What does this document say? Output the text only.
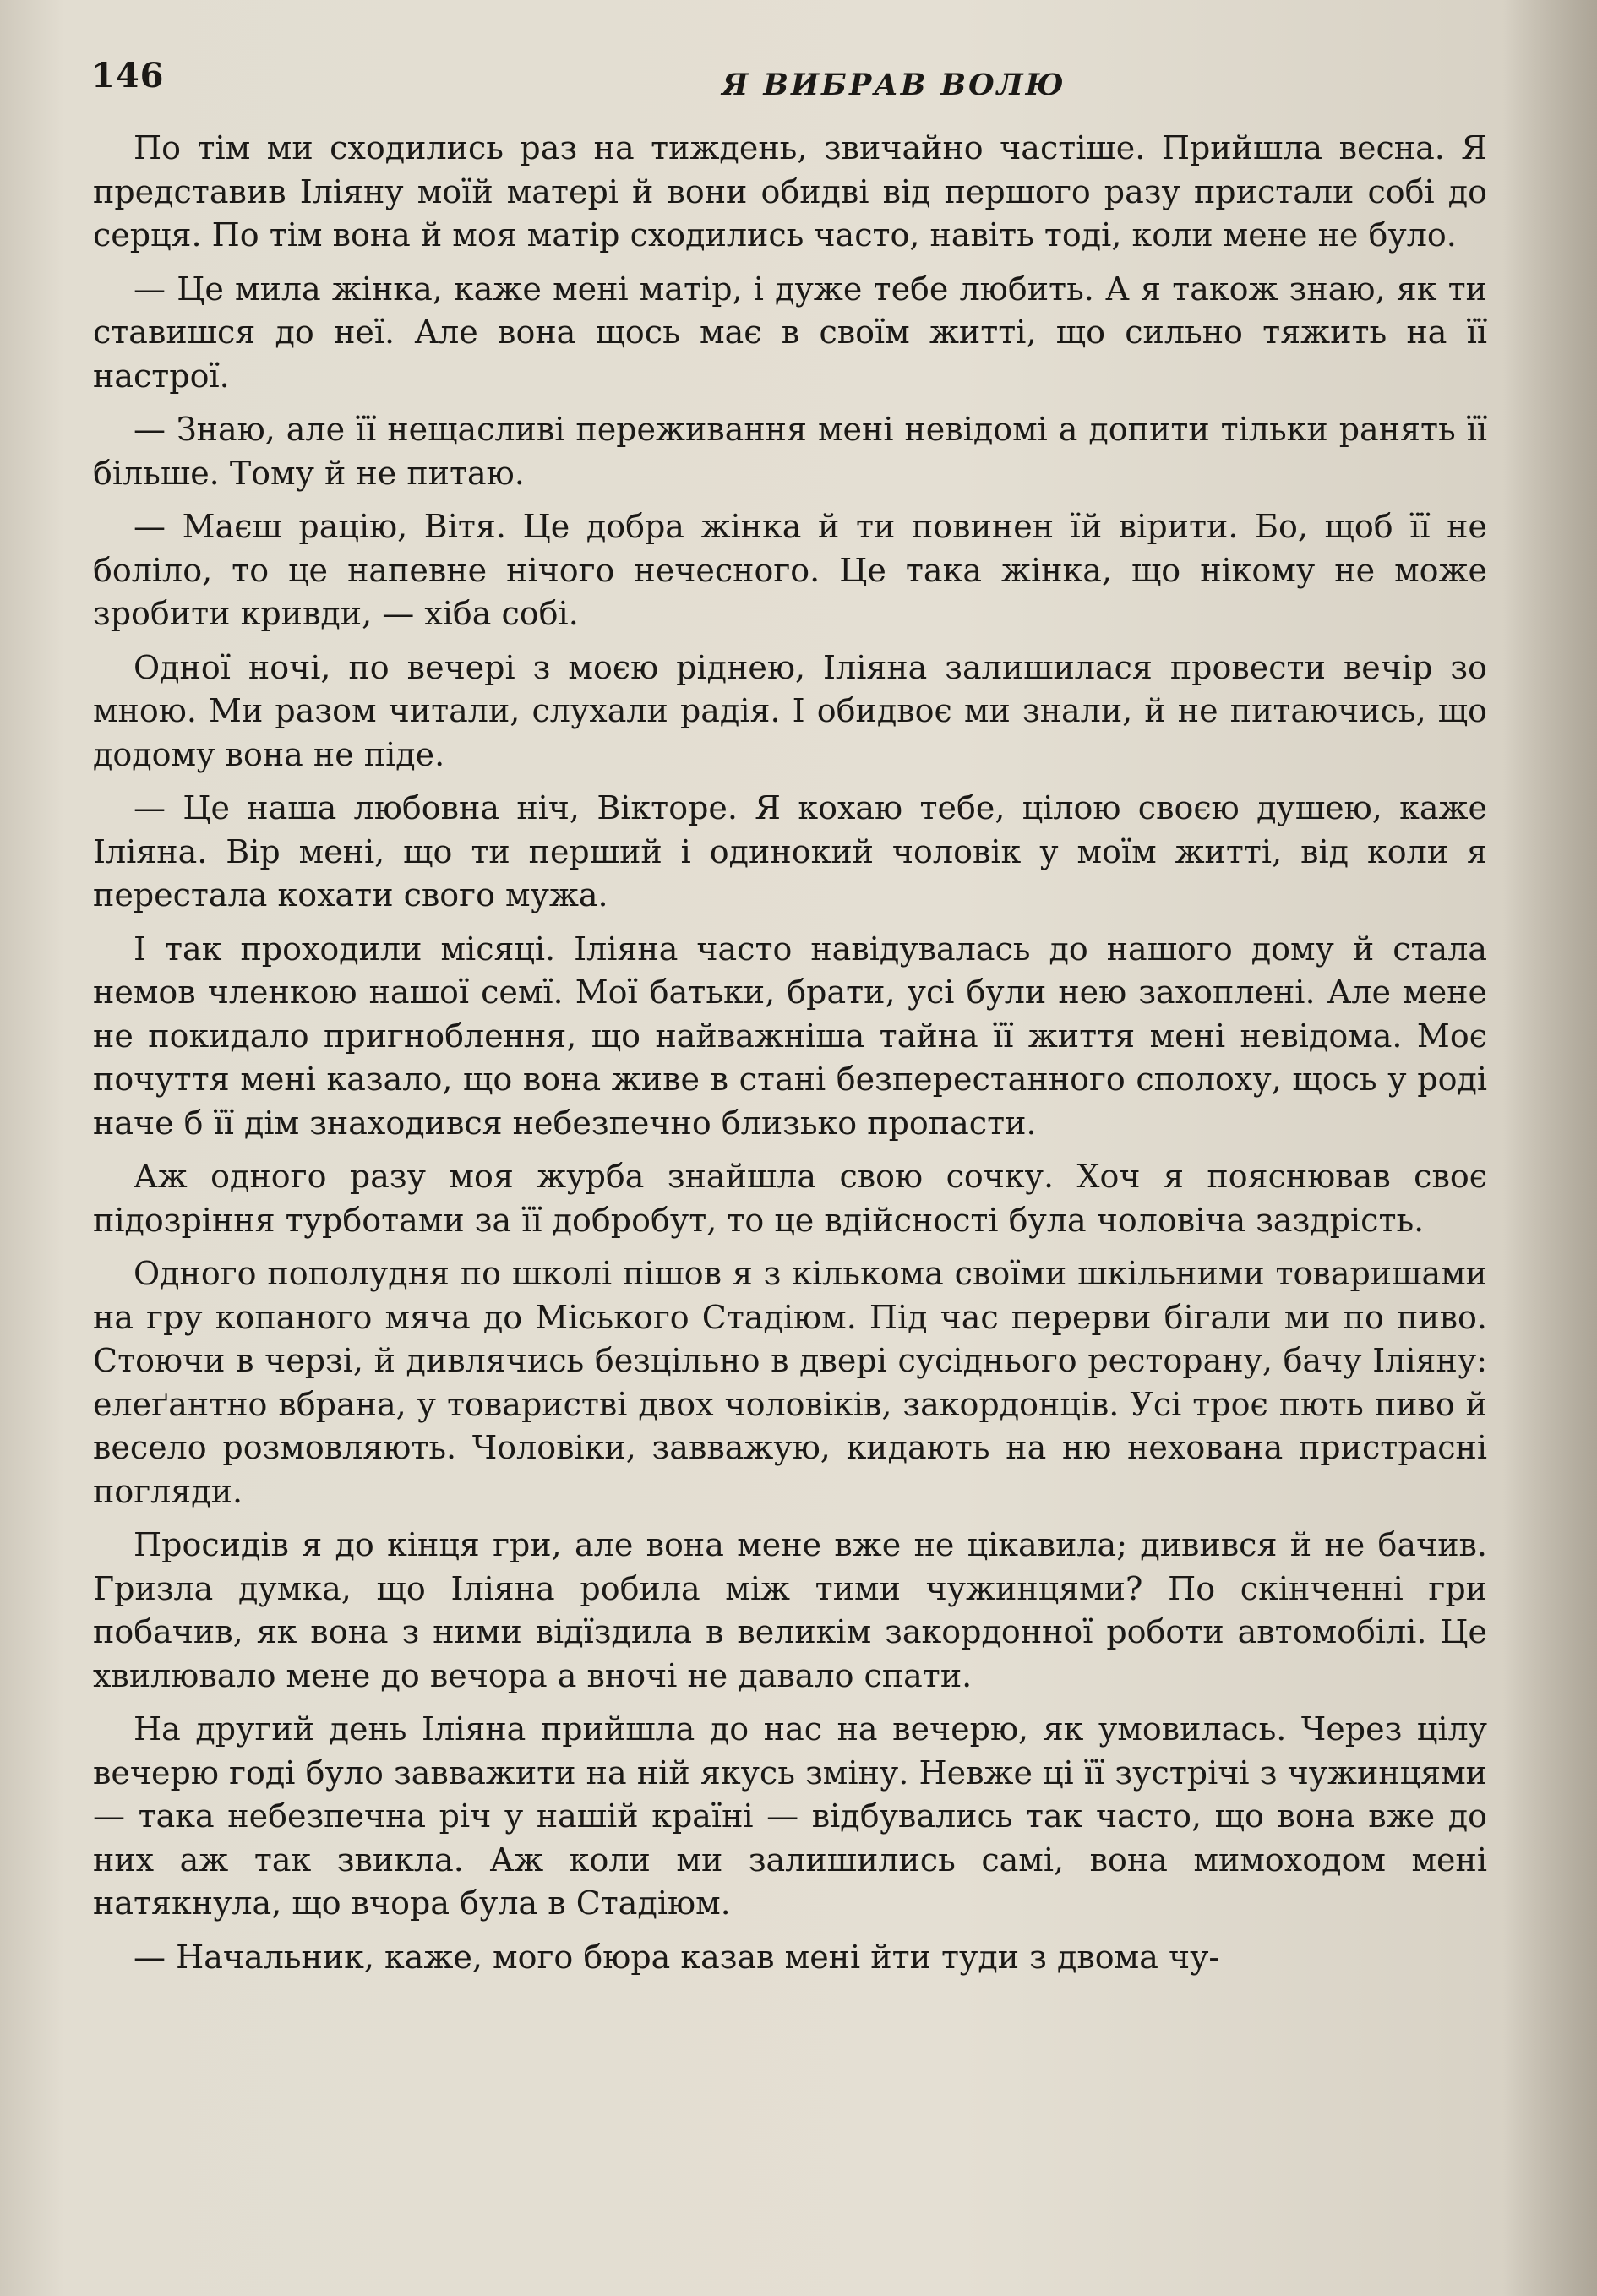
146	Я ВИБРАВ ВОЛЮ

По тім ми сходились раз на тиждень, звичайно частіше. Прийшла весна. Я представив Іліяну моїй матері й вони обидві від першого разу пристали собі до серця. По тім вона й моя матір сходились часто, навіть тоді, коли мене не було.

— Це мила жінка, каже мені матір, і дуже тебе любить. А я також знаю, як ти ставишся до неї. Але вона щось має в своїм житті, що сильно тяжить на її настрої.

— Знаю, але її нещасливі переживання мені невідомі а допити тільки ранять її більше. Тому й не питаю.

— Маєш рацію, Вітя. Це добра жінка й ти повинен їй вірити. Бо, щоб її не боліло, то це напевне нічого нечесного. Це така жінка, що нікому не може зробити кривди, — хіба собі.

Одної ночі, по вечері з моєю ріднею, Іліяна залишилася провести вечір зо мною. Ми разом читали, слухали радія. І обидвоє ми знали, й не питаючись, що додому вона не піде.

— Це наша любовна ніч, Вікторе. Я кохаю тебе, цілою своєю душею, каже Іліяна. Вір мені, що ти перший і одинокий чоловік у моїм житті, від коли я перестала кохати свого мужа.

І так проходили місяці. Іліяна часто навідувалась до нашого дому й стала немов членкою нашої семї. Мої батьки, брати, усі були нею захоплені. Але мене не покидало пригноблення, що найважніша тайна її життя мені невідома. Моє почуття мені казало, що вона живе в стані безперестанного сполоху, щось у роді наче б її дім знаходився небезпечно близько пропасти.

Аж одного разу моя журба знайшла свою сочку. Хоч я пояснював своє підозріння турботами за її добробут, то це вдійсності була чоловіча заздрість.

Одного пополудня по школі пішов я з кількома своїми шкільними товаришами на гру копаного мяча до Міського Стадіюм. Під час перерви бігали ми по пиво. Стоючи в черзі, й дивлячись безцільно в двері сусіднього ресторану, бачу Іліяну: елеґантно вбрана, у товаристві двох чоловіків, закордонців. Усі троє пють пиво й весело розмовляють. Чоловіки, завважую, кидають на ню нехована пристрасні погляди.

Просидів я до кінця гри, але вона мене вже не цікавила; дивився й не бачив. Гризла думка, що Іліяна робила між тими чужинцями? По скінченні гри побачив, як вона з ними відїздила в великім закордонної роботи автомобілі. Це хвилювало мене до вечора а вночі не давало спати.

На другий день Іліяна прийшла до нас на вечерю, як умовилась. Через цілу вечерю годі було завважити на ній якусь зміну. Невже ці її зустрічі з чужинцями — така небезпечна річ у нашій країні — відбувались так часто, що вона вже до них аж так звикла. Аж коли ми залишились самі, вона мимоходом мені натякнула, що вчора була в Стадіюм.

— Начальник, каже, мого бюра казав мені йти туди з двома чу-
